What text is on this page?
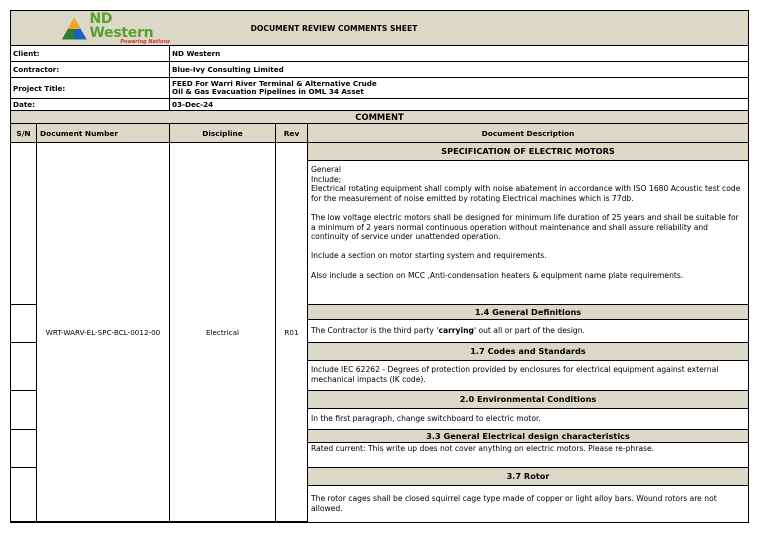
ND Western
Powering Nations
DOCUMENT REVIEW COMMENTS SHEET
Client:	ND Western
Contractor:	Blue-Ivy Consulting Limited
Project Title:
FEED For Warri River Terminal & Alternative Crude
Oil & Gas Evacuation Pipelines in OML 34 Asset
Date:	03-Dec-24
COMMENT
S/N	Document Number	Discipline	Rev	Document Description
WRT-WARV-EL-SPC-BCL-0012-00	Electrical	R01
SPECIFICATION OF ELECTRIC MOTORS

General

Include;

Electrical rotating equipment shall comply with noise abatement in accordance with ISO 1680 Acoustic test code for the measurement of noise emitted by rotating Electrical machines which is 77db.

The low voltage electric motors shall be designed for minimum life duration of 25 years and shall be suitable for a minimum of 2 years normal continuous operation without maintenance and shall assure reliability and continuity of service under unattended operation.

Include a section on motor starting system and requirements.

Also include a section on MCC ,Anti-condensation heaters & equipment name plate requirements.

1.4 General Definitions
The Contractor is the third party 'carrying' out all or part of the design.
1.7 Codes and Standards
Include IEC 62262 - Degrees of protection provided by enclosures for electrical equipment against external mechanical impacts (IK code).
2.0 Environmental Conditions
In the first paragraph, change switchboard to electric motor.
3.3 General Electrical design characteristics
Rated current: This write up does not cover anything on electric motors. Please re-phrase.
3.7 Rotor
The rotor cages shall be closed squirrel cage type made of copper or light alloy bars. Wound rotors are not allowed.
